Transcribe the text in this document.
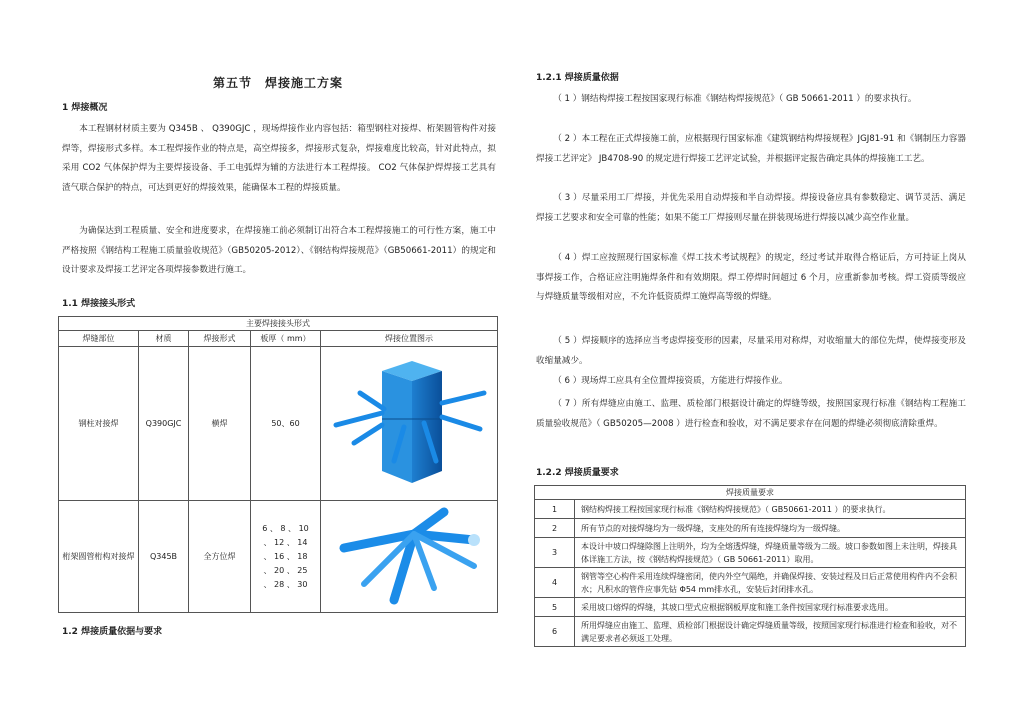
第五节　焊接施工方案
1 焊接概况
本工程钢材材质主要为 Q345B 、 Q390GJC ，现场焊接作业内容包括：箱型钢柱对接焊、桁架圆管构件对接焊等，焊接形式多样。本工程焊接作业的特点是，高空焊接多，焊接形式复杂，焊接难度比较高，针对此特点，拟采用 CO2 气体保护焊为主要焊接设备、手工电弧焊为辅的方法进行本工程焊接。 CO2 气体保护焊焊接工艺具有渣气联合保护的特点，可达到更好的焊接效果，能确保本工程的焊接质量。
为确保达到工程质量、安全和进度要求，在焊接施工前必须制订出符合本工程焊接施工的可行性方案，施工中严格按照《钢结构工程施工质量验收规范》（GB50205-2012）、《钢结构焊接规范》（GB50661-2011）的规定和设计要求及焊接工艺评定各项焊接参数进行施工。
1.1 焊接接头形式
主要焊接接头形式				
焊缝部位	材质	焊接形式	板厚（ mm）	焊接位置图示
钢柱对接焊	Q390GJC	横焊	50、60	
桁架圆管桁构对接焊	Q345B	全方位焊	6 、 8 、 10 、 12 、 14 、 16 、 18 、 20 、 25 、 28 、 30	
1.2 焊接质量依据与要求
1.2.1 焊接质量依据
（ 1 ）钢结构焊接工程按国家现行标准《钢结构焊接规范》（ GB 50661-2011 ）的要求执行。
（ 2 ）本工程在正式焊接施工前，应根据现行国家标准《建筑钢结构焊接规程》JGJ81-91 和《钢制压力容器焊接工艺评定》 JB4708-90 的规定进行焊接工艺评定试验，并根据评定报告确定具体的焊接施工工艺。
（ 3 ）尽量采用工厂焊接，并优先采用自动焊接和半自动焊接。焊接设备应具有参数稳定、调节灵活、满足焊接工艺要求和安全可靠的性能；如果不能工厂焊接则尽量在拼装现场进行焊接以减少高空作业量。
（ 4 ）焊工应按照现行国家标准《焊工技术考试规程》的规定，经过考试并取得合格证后，方可持证上岗从事焊接工作，合格证应注明施焊条件和有效期限。焊工停焊时间超过 6 个月，应重新参加考核。焊工资质等级应与焊缝质量等级相对应，不允许低资质焊工施焊高等级的焊缝。
（ 5 ）焊接顺序的选择应当考虑焊接变形的因素，尽量采用对称焊，对收缩量大的部位先焊，使焊接变形及收缩量减少。
（ 6 ）现场焊工应具有全位置焊接资质，方能进行焊接作业。
（ 7 ）所有焊缝应由施工、监理、质检部门根据设计确定的焊缝等级，按照国家现行标准《钢结构工程施工质量验收规范》（ GB50205—2008 ）进行检查和验收，对不满足要求存在问题的焊缝必须彻底清除重焊。
1.2.2 焊接质量要求
焊接质量要求	
1	钢结构焊接工程按国家现行标准《钢结构焊接规范》（ GB50661-2011 ）的要求执行。
2	所有节点的对接焊缝均为一级焊缝，支座处的所有连接焊缝均为一级焊缝。
3	本设计中坡口焊缝除图上注明外，均为全熔透焊缝，焊缝质量等级为二级。坡口参数如图上未注明，焊接具体详施工方法，按《钢结构焊接规范》（ GB 50661-2011）取用。
4	钢管等空心构件采用连续焊缝密闭，使内外空气隔绝，并确保焊接、安装过程及日后正常使用构件内不会积水；凡积水的管件应事先钻 Φ54 mm排水孔，安装后封闭排水孔。
5	采用坡口熔焊的焊缝，其坡口型式应根据钢板厚度和施工条件按国家现行标准要求选用。
6	所用焊缝应由施工、监理、质检部门根据设计确定焊缝质量等级，按照国家现行标准进行检查和验收，对不满足要求者必须返工处理。
